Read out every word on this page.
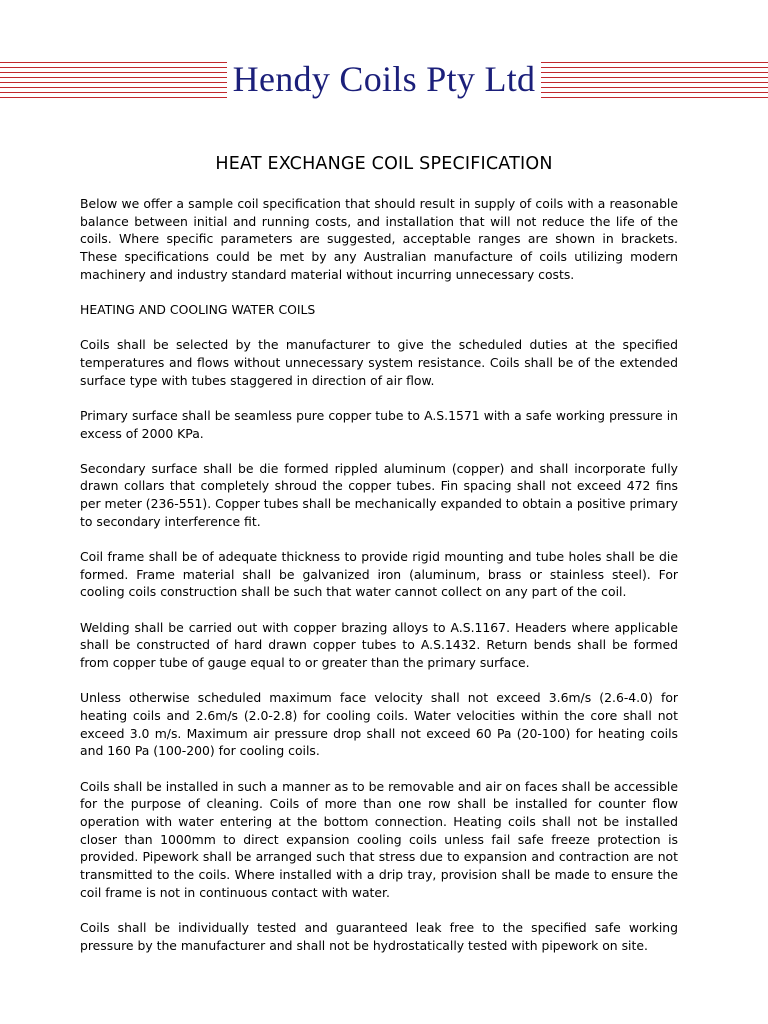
Hendy Coils Pty Ltd
HEAT EXCHANGE COIL SPECIFICATION

Below we offer a sample coil specification that should result in supply of coils with a reasonable balance between initial and running costs, and installation that will not reduce the life of the coils. Where specific parameters are suggested, acceptable ranges are shown in brackets. These specifications could be met by any Australian manufacture of coils utilizing modern machinery and industry standard material without incurring unnecessary costs.

HEATING AND COOLING WATER COILS

Coils shall be selected by the manufacturer to give the scheduled duties at the specified temperatures and flows without unnecessary system resistance. Coils shall be of the extended surface type with tubes staggered in direction of air flow.

Primary surface shall be seamless pure copper tube to A.S.1571 with a safe working pressure in excess of 2000 KPa.

Secondary surface shall be die formed rippled aluminum (copper) and shall incorporate fully drawn collars that completely shroud the copper tubes. Fin spacing shall not exceed 472 fins per meter (236-551). Copper tubes shall be mechanically expanded to obtain a positive primary to secondary interference fit.

Coil frame shall be of adequate thickness to provide rigid mounting and tube holes shall be die formed. Frame material shall be galvanized iron (aluminum, brass or stainless steel). For cooling coils construction shall be such that water cannot collect on any part of the coil.

Welding shall be carried out with copper brazing alloys to A.S.1167. Headers where applicable shall be constructed of hard drawn copper tubes to A.S.1432. Return bends shall be formed from copper tube of gauge equal to or greater than the primary surface.

Unless otherwise scheduled maximum face velocity shall not exceed 3.6m/s (2.6-4.0) for heating coils and 2.6m/s (2.0-2.8) for cooling coils. Water velocities within the core shall not exceed 3.0 m/s. Maximum air pressure drop shall not exceed 60 Pa (20-100) for heating coils and 160 Pa (100-200) for cooling coils.

Coils shall be installed in such a manner as to be removable and air on faces shall be accessible for the purpose of cleaning. Coils of more than one row shall be installed for counter flow operation with water entering at the bottom connection. Heating coils shall not be installed closer than 1000mm to direct expansion cooling coils unless fail safe freeze protection is provided. Pipework shall be arranged such that stress due to expansion and contraction are not transmitted to the coils. Where installed with a drip tray, provision shall be made to ensure the coil frame is not in continuous contact with water.

Coils shall be individually tested and guaranteed leak free to the specified safe working pressure by the manufacturer and shall not be hydrostatically tested with pipework on site.
